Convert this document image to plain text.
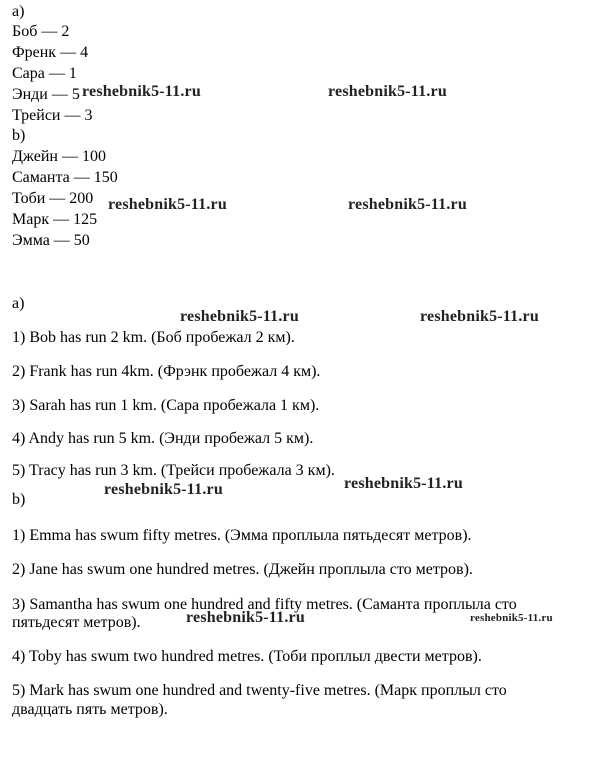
a)
Боб — 2
Френк — 4
Сара — 1
Энди — 5
Трейси — 3
b)
Джейн — 100
Саманта — 150
Тоби — 200
Марк — 125
Эмма — 50
a)
1) Bob has run 2 km. (Боб пробежал 2 км).
2) Frank has run 4km. (Фрэнк пробежал 4 км).
3) Sarah has run 1 km. (Сара пробежала 1 км).
4) Andy has run 5 km. (Энди пробежал 5 км).
5) Tracy has run 3 km. (Трейси пробежала 3 км).
b)
1) Emma has swum fifty metres. (Эмма проплыла пятьдесят метров).
2) Jane has swum one hundred metres. (Джейн проплыла сто метров).
3) Samantha has swum one hundred and fifty metres. (Саманта проплыла сто
пятьдесят метров).
4) Toby has swum two hundred metres. (Тоби проплыл двести метров).
5) Mark has swum one hundred and twenty-five metres. (Марк проплыл сто
двадцать пять метров).
reshebnik5-11.ru	reshebnik5-11.ru
reshebnik5-11.ru	reshebnik5-11.ru
reshebnik5-11.ru	reshebnik5-11.ru
reshebnik5-11.ru	reshebnik5-11.ru
reshebnik5-11.ru	reshebnik5-11.ru
